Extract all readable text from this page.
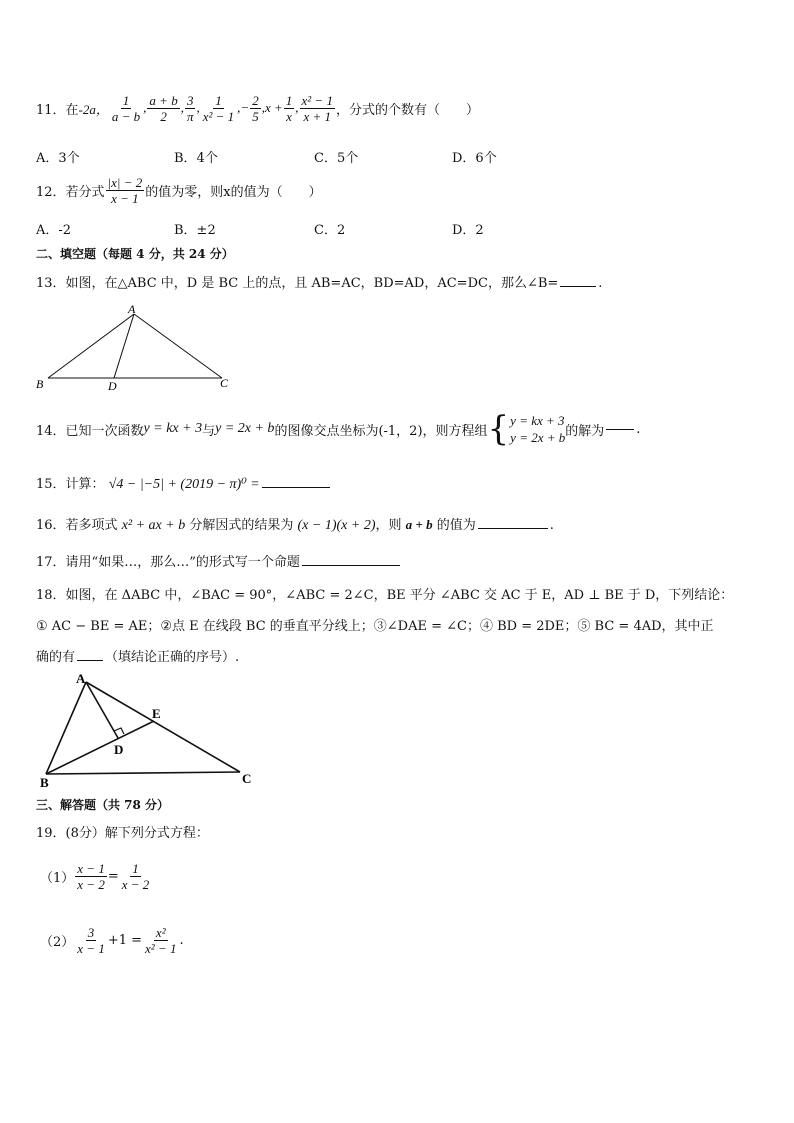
11．在 -2a， $\frac{1}{a - b}$ , $\frac{a + b}{2}$ , $\frac{3}{\pi}$ , $\frac{1}{\text{x² − 1}}$ , − $\frac{2}{5}$ , $x + \frac{1}{x}$ , $\frac{\text{x² − 1}}{x + 1}$ ，分式的个数有（　　）
A．3个	B．4个	C．5个	D．6个
12．若分式 $\frac{|x| - 2}{x - 1}$ 的值为零，则x的值为（　　）
A．-2	B．±2	C．2	D．2
二、填空题（每题 4 分，共 24 分）
13．如图，在△ABC 中，D 是 BC 上的点，且 AB=AC，BD=AD，AC=DC，那么∠B=	.
A
B	D	C
14．已知一次函数 y = kx + 3 与 y = 2x + b 的图像交点坐标为(-1，2)，则方程组 { y = kx + 3
y = 2x + b 的解为 .
15．计算： √4 − |−5| + (2019 − π)⁰ =
16．若多项式 x² + ax + b 分解因式的结果为 (x − 1)(x + 2)，则 a + b 的值为	.
17．请用“如果…，那么…”的形式写一个命题
18．如图，在 ΔABC 中，∠BAC = 90°，∠ABC = 2∠C，BE 平分 ∠ABC 交 AC 于 E，AD ⊥ BE 于 D，下列结论：
① AC − BE = AE；②点 E 在线段 BC 的垂直平分线上；③∠DAE = ∠C；④ BD = 2DE；⑤ BC = 4AD，其中正
确的有 （填结论正确的序号）.
A
B	C
D
E
三、解答题（共 78 分）
19．(8分）解下列分式方程：
$(1) \frac{x - 1}{x - 2} = \frac{1}{x - 2}$
$(2) \frac{3}{x - 1} +1 = \frac{\text{x²}}{\text{x² − 1}}$ .
